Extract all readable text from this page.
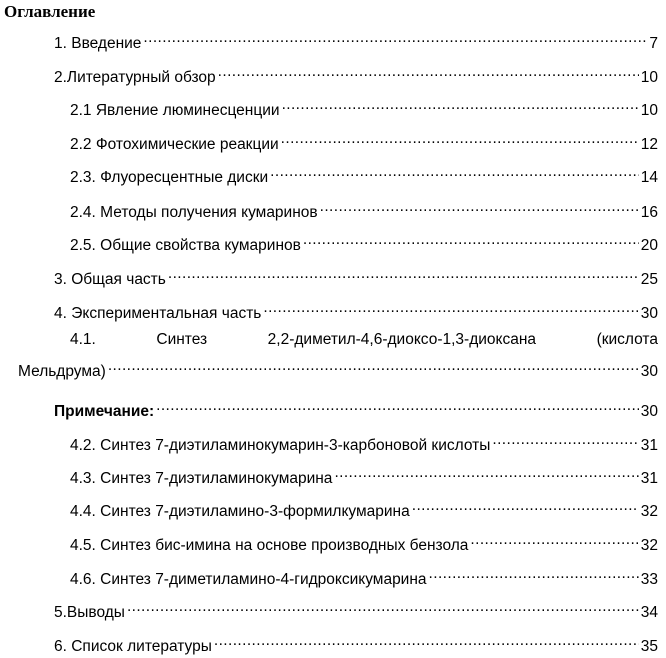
Оглавление
1. Введение .....	7
2.Литературный обзор .....	10
2.1 Явление люминесценции .....	10
2.2 Фотохимические реакции .....	12
2.3. Флуоресцентные диски .....	14
2.4. Методы получения кумаринов .....	16
2.5. Общие свойства кумаринов .....	20
3. Общая часть .....	25
4. Экспериментальная часть .....	30
4.1.	Синтез	2,2-диметил-4,6-диоксо-1,3-диоксана	(кислота
Мельдрума) .....	30
Примечание: .....	30
4.2. Синтез 7-диэтиламинокумарин-3-карбоновой кислоты .....	31
4.3. Синтез 7-диэтиламинокумарина .....	31
4.4. Синтез 7-диэтиламино-3-формилкумарина .....	32
4.5. Синтез бис-имина на основе производных бензола .....	32
4.6. Синтез 7-диметиламино-4-гидроксикумарина .....	33
5.Выводы .....	34
6. Список литературы .....	35
